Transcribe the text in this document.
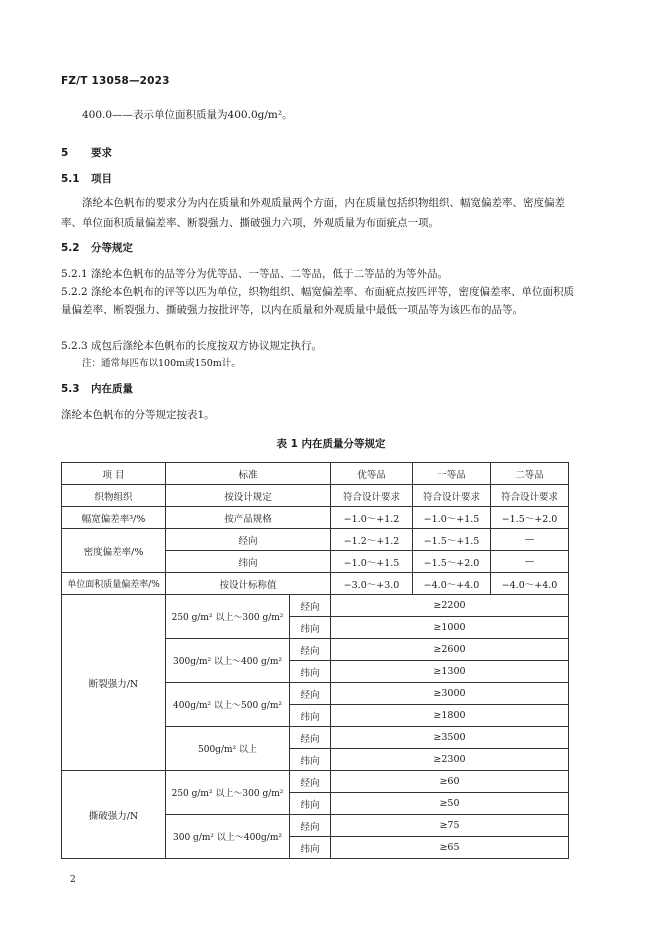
FZ/T 13058—2023
400.0——表示单位面积质量为400.0g/m²。
5 要求
5.1 项目
涤纶本色帆布的要求分为内在质量和外观质量两个方面，内在质量包括织物组织、幅宽偏差率、密度偏差率、单位面积质量偏差率、断裂强力、撕破强力六项，外观质量为布面疵点一项。
5.2 分等规定
5.2.1 涤纶本色帆布的品等分为优等品、一等品、二等品，低于二等品的为等外品。
5.2.2 涤纶本色帆布的评等以匹为单位，织物组织、幅宽偏差率、布面疵点按匹评等，密度偏差率、单位面积质量偏差率、断裂强力、撕破强力按批评等，以内在质量和外观质量中最低一项品等为该匹布的品等。
5.2.3 成包后涤纶本色帆布的长度按双方协议规定执行。
注：通常每匹布以100m或150m计。
5.3 内在质量
涤纶本色帆布的分等规定按表1。
表 1 内在质量分等规定
项 目	标准		优等品	一等品	二等品
织物组织	按设计规定		符合设计要求	符合设计要求	符合设计要求
幅宽偏差率³/%	按产品规格		−1.0～+1.2	−1.0～+1.5	−1.5～+2.0
密度偏差率/%	经向		−1.2～+1.2	−1.5～+1.5	—
	纬向		−1.0～+1.5	−1.5～+2.0	—
单位面积质量偏差率/%	按设计标称值		−3.0～+3.0	−4.0～+4.0	−4.0～+4.0
断裂强力/N	250 g/m² 以上～300 g/m²	经向	≥2200		
		纬向	≥1000		
	300g/m² 以上～400 g/m²	经向	≥2600		
		纬向	≥1300		
	400g/m² 以上～500 g/m²	经向	≥3000		
		纬向	≥1800		
	500g/m² 以上	经向	≥3500		
		纬向	≥2300		
撕破强力/N	250 g/m² 以上～300 g/m²	经向	≥60		
		纬向	≥50		
	300 g/m² 以上～400g/m²	经向	≥75		
		纬向	≥65		
2
